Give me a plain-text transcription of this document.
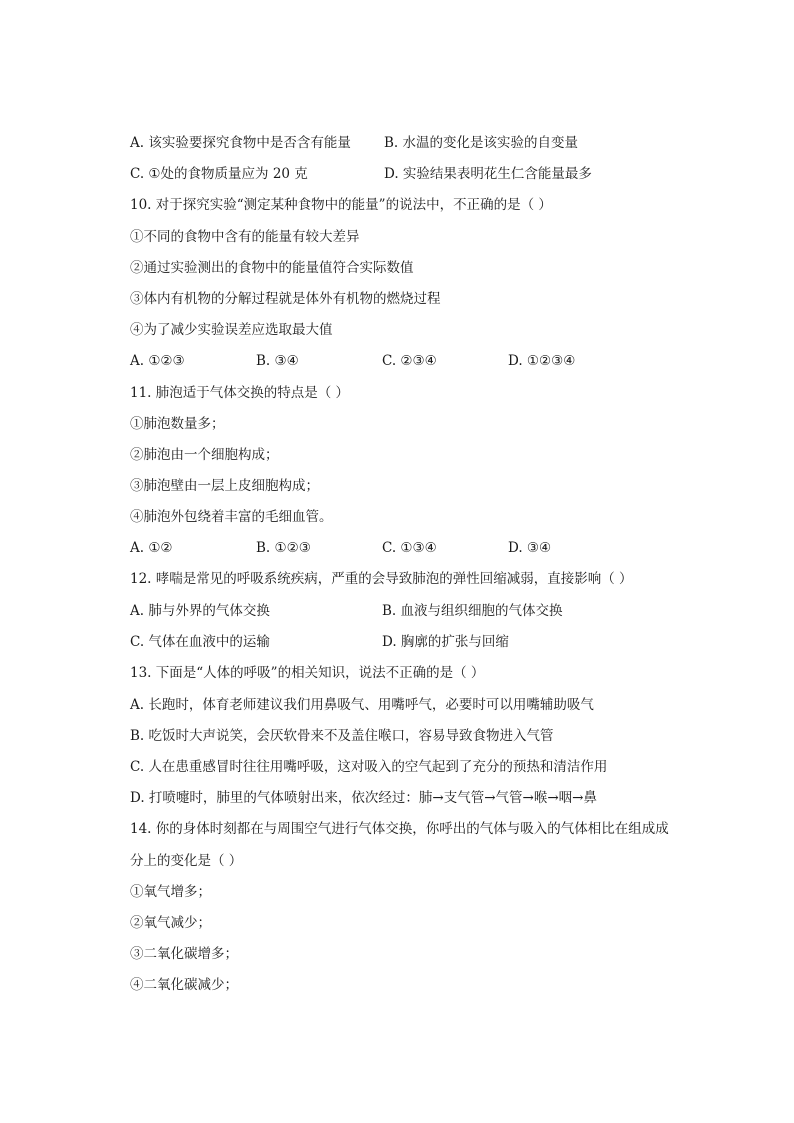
A. 该实验要探究食物中是否含有能量 B. 水温的变化是该实验的自变量
C. ①处的食物质量应为 20 克	D. 实验结果表明花生仁含能量最多
10. 对于探究实验“测定某种食物中的能量”的说法中，不正确的是（ ）
①不同的食物中含有的能量有较大差异
②通过实验测出的食物中的能量值符合实际数值
③体内有机物的分解过程就是体外有机物的燃烧过程
④为了减少实验误差应选取最大值
A. ①②③	B. ③④	C. ②③④	D. ①②③④
11. 肺泡适于气体交换的特点是（ ）
①肺泡数量多；
②肺泡由一个细胞构成；
③肺泡壁由一层上皮细胞构成；
④肺泡外包绕着丰富的毛细血管。
A. ①②	B. ①②③	C. ①③④	D. ③④
12. 哮喘是常见的呼吸系统疾病，严重的会导致肺泡的弹性回缩减弱，直接影响（ ）
A. 肺与外界的气体交换	B. 血液与组织细胞的气体交换
C. 气体在血液中的运输	D. 胸廓的扩张与回缩
13. 下面是“人体的呼吸”的相关知识，说法不正确的是（ ）
A. 长跑时，体育老师建议我们用鼻吸气、用嘴呼气，必要时可以用嘴辅助吸气
B. 吃饭时大声说笑，会厌软骨来不及盖住喉口，容易导致食物进入气管
C. 人在患重感冒时往往用嘴呼吸，这对吸入的空气起到了充分的预热和清洁作用
D. 打喷嚏时，肺里的气体喷射出来，依次经过：肺→支气管→气管→喉→咽→鼻
14. 你的身体时刻都在与周围空气进行气体交换，你呼出的气体与吸入的气体相比在组成成
分上的变化是（ ）
①氧气增多；
②氧气减少；
③二氧化碳增多；
④二氧化碳减少；
